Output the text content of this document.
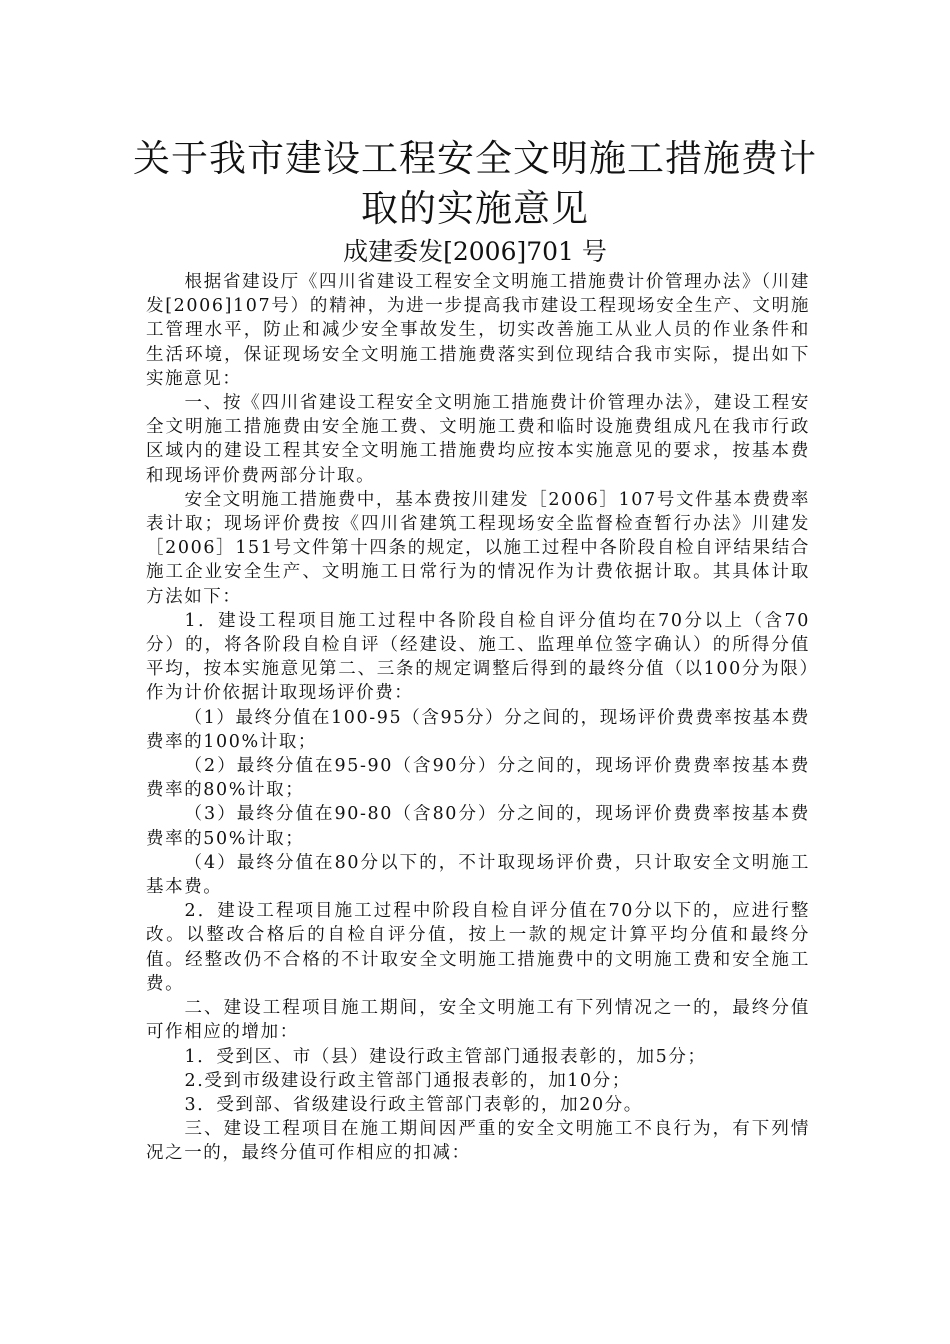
关于我市建设工程安全文明施工措施费计
取的实施意见
成建委发[2006]701 号

根据省建设厅《四川省建设工程安全文明施工措施费计价管理办法》（川建发[2006]107号）的精神，为进一步提高我市建设工程现场安全生产、文明施工管理水平，防止和减少安全事故发生，切实改善施工从业人员的作业条件和生活环境，保证现场安全文明施工措施费落实到位现结合我市实际，提出如下实施意见：

一、按《四川省建设工程安全文明施工措施费计价管理办法》，建设工程安全文明施工措施费由安全施工费、文明施工费和临时设施费组成凡在我市行政区域内的建设工程其安全文明施工措施费均应按本实施意见的要求，按基本费和现场评价费两部分计取。

安全文明施工措施费中，基本费按川建发［2006］107号文件基本费费率表计取；现场评价费按《四川省建筑工程现场安全监督检查暂行办法》川建发［2006］151号文件第十四条的规定，以施工过程中各阶段自检自评结果结合施工企业安全生产、文明施工日常行为的情况作为计费依据计取。其具体计取方法如下：

1．建设工程项目施工过程中各阶段自检自评分值均在70分以上（含70分）的，将各阶段自检自评（经建设、施工、监理单位签字确认）的所得分值平均，按本实施意见第二、三条的规定调整后得到的最终分值（以100分为限）作为计价依据计取现场评价费：

（1）最终分值在100-95（含95分）分之间的，现场评价费费率按基本费费率的100%计取；

（2）最终分值在95-90（含90分）分之间的，现场评价费费率按基本费费率的80%计取；

（3）最终分值在90-80（含80分）分之间的，现场评价费费率按基本费费率的50%计取；

（4）最终分值在80分以下的，不计取现场评价费，只计取安全文明施工基本费。

2．建设工程项目施工过程中阶段自检自评分值在70分以下的，应进行整改。以整改合格后的自检自评分值，按上一款的规定计算平均分值和最终分值。经整改仍不合格的不计取安全文明施工措施费中的文明施工费和安全施工费。

二、建设工程项目施工期间，安全文明施工有下列情况之一的，最终分值可作相应的增加：

1．受到区、市（县）建设行政主管部门通报表彰的，加5分；

2.受到市级建设行政主管部门通报表彰的，加10分；

3．受到部、省级建设行政主管部门表彰的，加20分。

三、建设工程项目在施工期间因严重的安全文明施工不良行为，有下列情况之一的，最终分值可作相应的扣减：
